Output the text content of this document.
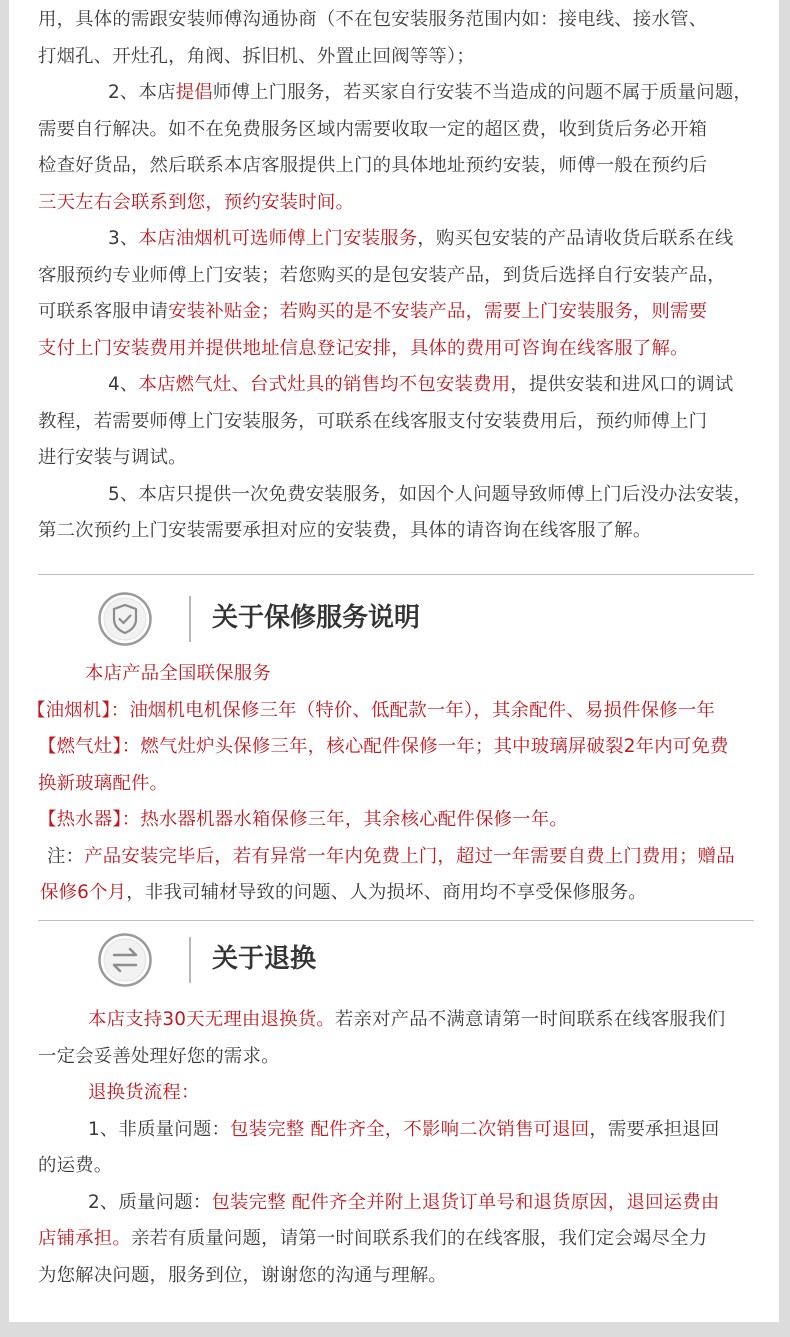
用，具体的需跟安装师傅沟通协商（不在包安装服务范围内如：接电线、接水管、

打烟孔、开灶孔，角阀、拆旧机、外置止回阀等等）；

2、本店提倡师傅上门服务，若买家自行安装不当造成的问题不属于质量问题，

需要自行解决。如不在免费服务区域内需要收取一定的超区费，收到货后务必开箱

检查好货品，然后联系本店客服提供上门的具体地址预约安装，师傅一般在预约后

三天左右会联系到您，预约安装时间。

3、本店油烟机可选师傅上门安装服务，购买包安装的产品请收货后联系在线

客服预约专业师傅上门安装；若您购买的是包安装产品，到货后选择自行安装产品，

可联系客服申请安装补贴金；若购买的是不安装产品，需要上门安装服务，则需要

支付上门安装费用并提供地址信息登记安排，具体的费用可咨询在线客服了解。

4、本店燃气灶、台式灶具的销售均不包安装费用，提供安装和进风口的调试

教程，若需要师傅上门安装服务，可联系在线客服支付安装费用后，预约师傅上门

进行安装与调试。

5、本店只提供一次免费安装服务，如因个人问题导致师傅上门后没办法安装，

第二次预约上门安装需要承担对应的安装费，具体的请咨询在线客服了解。

关于保修服务说明

本店产品全国联保服务

【油烟机】：油烟机电机保修三年（特价、低配款一年），其余配件、易损件保修一年

【燃气灶】：燃气灶炉头保修三年，核心配件保修一年；其中玻璃屏破裂2年内可免费

换新玻璃配件。

【热水器】：热水器机器水箱保修三年，其余核心配件保修一年。

注：产品安装完毕后，若有异常一年内免费上门，超过一年需要自费上门费用；赠品

保修6个月，非我司辅材导致的问题、人为损坏、商用均不享受保修服务。

关于退换

本店支持30天无理由退换货。若亲对产品不满意请第一时间联系在线客服我们

一定会妥善处理好您的需求。

退换货流程：

1、非质量问题：包装完整 配件齐全，不影响二次销售可退回，需要承担退回

的运费。

2、质量问题：包装完整 配件齐全并附上退货订单号和退货原因，退回运费由

店铺承担。亲若有质量问题，请第一时间联系我们的在线客服，我们定会竭尽全力

为您解决问题，服务到位，谢谢您的沟通与理解。
